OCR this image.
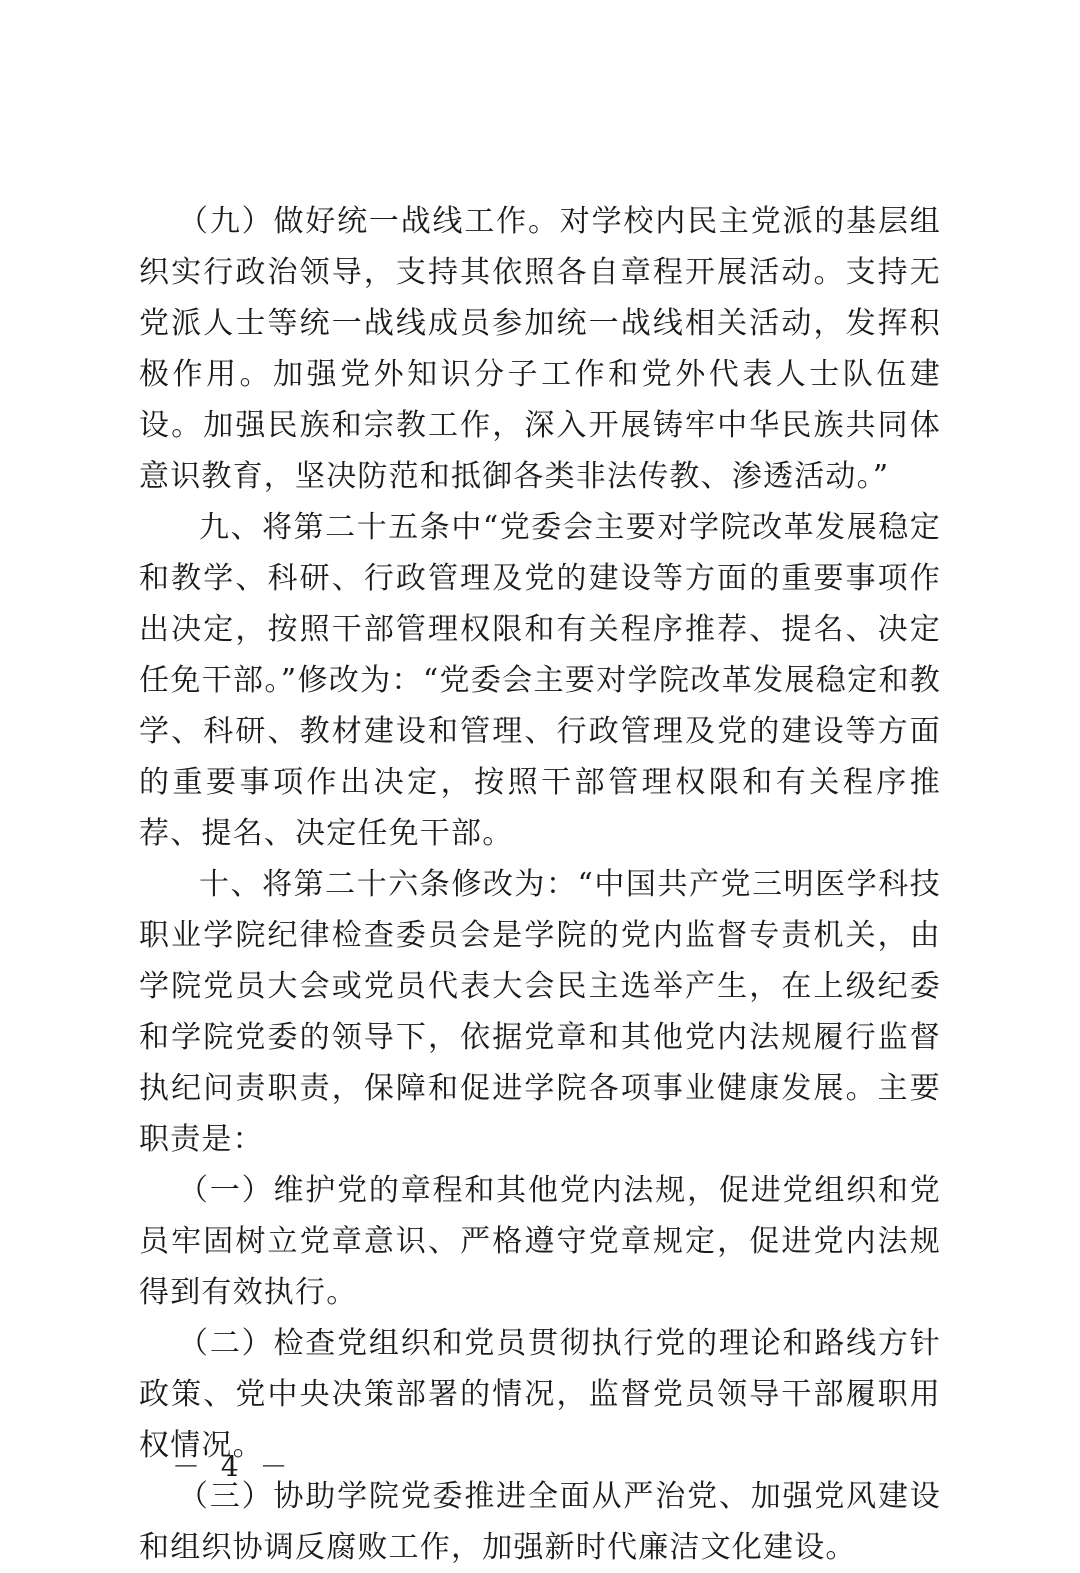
（九）做好统一战线工作。对学校内民主党派的基层组织实行政治领导，支持其依照各自章程开展活动。支持无党派人士等统一战线成员参加统一战线相关活动，发挥积极作用。加强党外知识分子工作和党外代表人士队伍建设。加强民族和宗教工作，深入开展铸牢中华民族共同体意识教育，坚决防范和抵御各类非法传教、渗透活动。”

九、将第二十五条中“党委会主要对学院改革发展稳定和教学、科研、行政管理及党的建设等方面的重要事项作出决定，按照干部管理权限和有关程序推荐、提名、决定任免干部。”修改为：“党委会主要对学院改革发展稳定和教学、科研、教材建设和管理、行政管理及党的建设等方面的重要事项作出决定，按照干部管理权限和有关程序推荐、提名、决定任免干部。

十、将第二十六条修改为：“中国共产党三明医学科技职业学院纪律检查委员会是学院的党内监督专责机关，由学院党员大会或党员代表大会民主选举产生，在上级纪委和学院党委的领导下，依据党章和其他党内法规履行监督执纪问责职责，保障和促进学院各项事业健康发展。主要职责是：

（一）维护党的章程和其他党内法规，促进党组织和党员牢固树立党章意识、严格遵守党章规定，促进党内法规得到有效执行。

（二）检查党组织和党员贯彻执行党的理论和路线方针政策、党中央决策部署的情况，监督党员领导干部履职用权情况。

（三）协助学院党委推进全面从严治党、加强党风建设和组织协调反腐败工作，加强新时代廉洁文化建设。

－ 4 －
